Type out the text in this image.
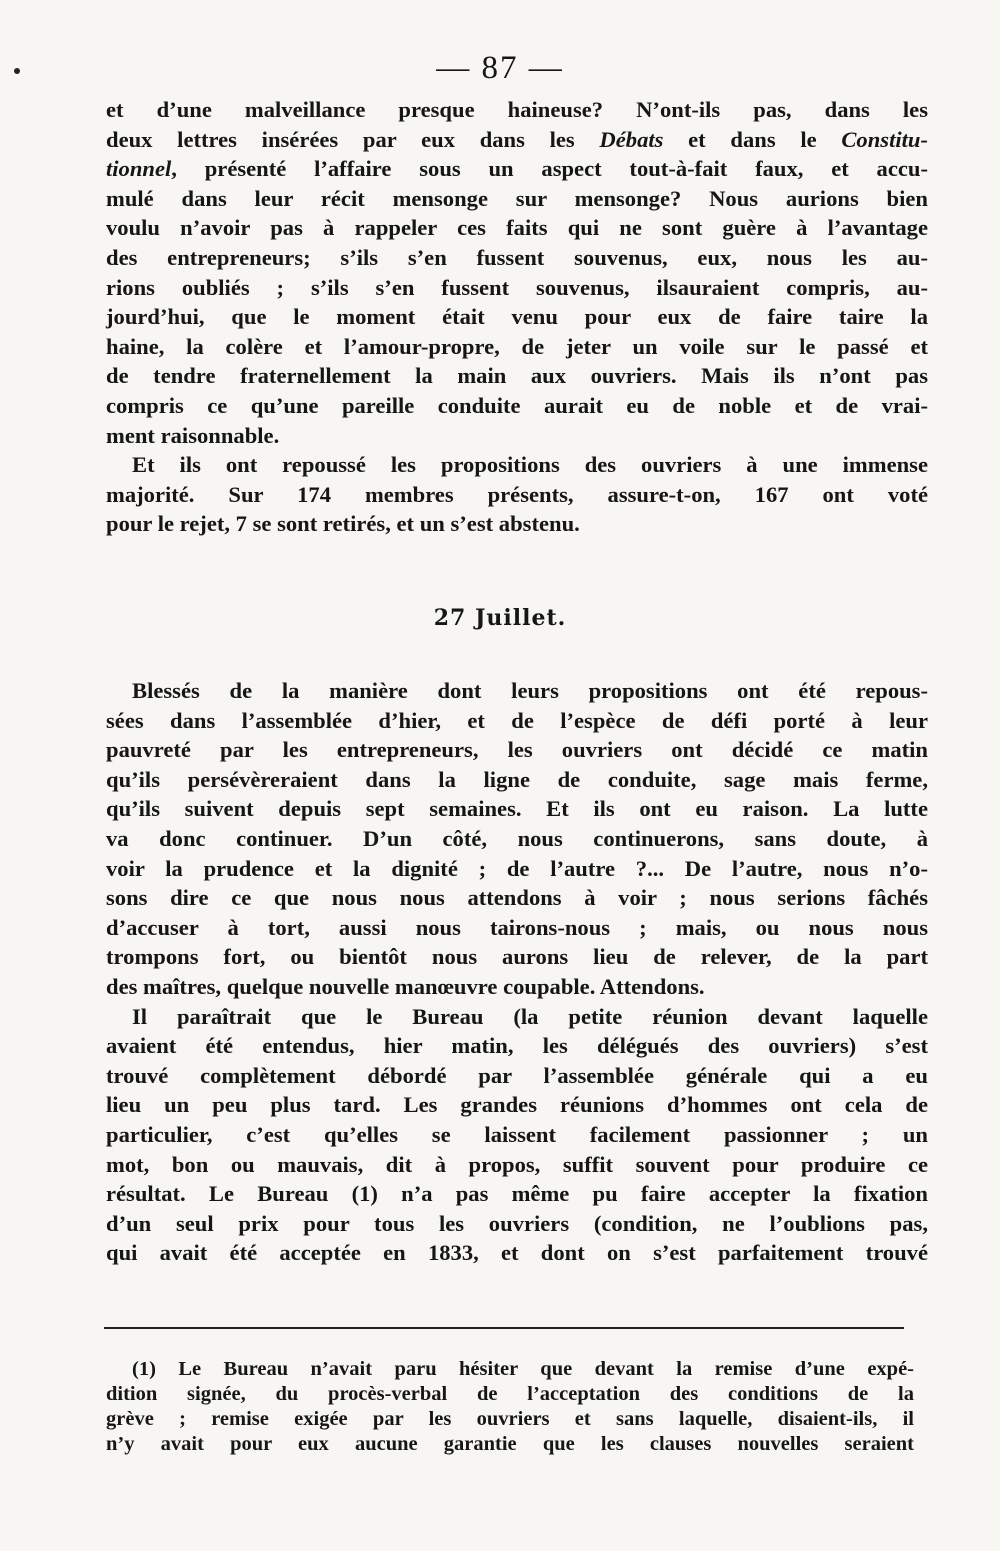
— 87 —
et d’une malveillance presque haineuse? N’ont-ils pas, dans les
deux lettres insérées par eux dans les Débats et dans le Constitu-
tionnel, présenté l’affaire sous un aspect tout-à-fait faux, et accu-
mulé dans leur récit mensonge sur mensonge? Nous aurions bien
voulu n’avoir pas à rappeler ces faits qui ne sont guère à l’avantage
des entrepreneurs; s’ils s’en fussent souvenus, eux, nous les au-
rions oubliés ; s’ils s’en fussent souvenus, ilsauraient compris, au-
jourd’hui, que le moment était venu pour eux de faire taire la
haine, la colère et l’amour-propre, de jeter un voile sur le passé et
de tendre fraternellement la main aux ouvriers. Mais ils n’ont pas
compris ce qu’une pareille conduite aurait eu de noble et de vrai-
ment raisonnable.
Et ils ont repoussé les propositions des ouvriers à une immense
majorité. Sur 174 membres présents, assure-t-on, 167 ont voté
pour le rejet, 7 se sont retirés, et un s’est abstenu.
27 Juillet.
Blessés de la manière dont leurs propositions ont été repous-
sées dans l’assemblée d’hier, et de l’espèce de défi porté à leur
pauvreté par les entrepreneurs, les ouvriers ont décidé ce matin
qu’ils persévèreraient dans la ligne de conduite, sage mais ferme,
qu’ils suivent depuis sept semaines. Et ils ont eu raison. La lutte
va donc continuer. D’un côté, nous continuerons, sans doute, à
voir la prudence et la dignité ; de l’autre ?... De l’autre, nous n’o-
sons dire ce que nous nous attendons à voir ; nous serions fâchés
d’accuser à tort, aussi nous tairons-nous ; mais, ou nous nous
trompons fort, ou bientôt nous aurons lieu de relever, de la part
des maîtres, quelque nouvelle manœuvre coupable. Attendons.
Il paraîtrait que le Bureau (la petite réunion devant laquelle
avaient été entendus, hier matin, les délégués des ouvriers) s’est
trouvé complètement débordé par l’assemblée générale qui a eu
lieu un peu plus tard. Les grandes réunions d’hommes ont cela de
particulier, c’est qu’elles se laissent facilement passionner ; un
mot, bon ou mauvais, dit à propos, suffit souvent pour produire ce
résultat. Le Bureau (1) n’a pas même pu faire accepter la fixation
d’un seul prix pour tous les ouvriers (condition, ne l’oublions pas,
qui avait été acceptée en 1833, et dont on s’est parfaitement trouvé
(1) Le Bureau n’avait paru hésiter que devant la remise d’une expé-
dition signée, du procès-verbal de l’acceptation des conditions de la
grève ; remise exigée par les ouvriers et sans laquelle, disaient-ils, il
n’y avait pour eux aucune garantie que les clauses nouvelles seraient
